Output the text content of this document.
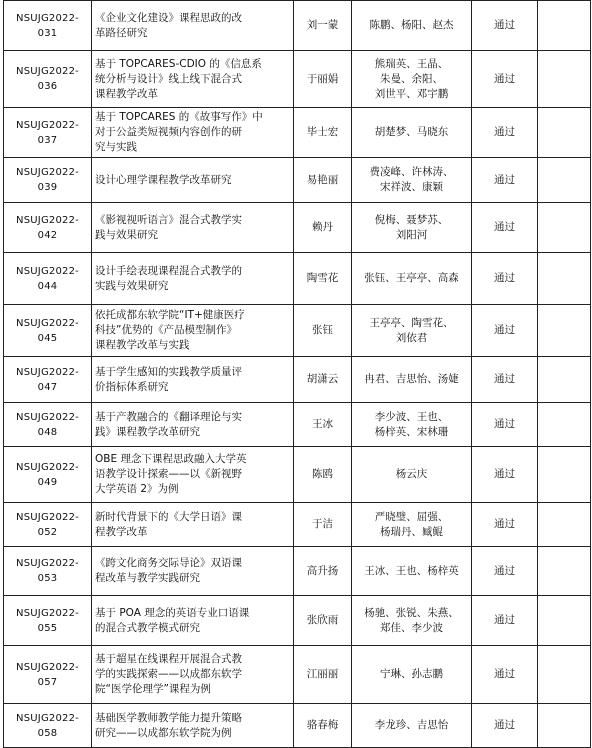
NSUJG2022-031	《企业文化建设》课程思政的改
革路径研究	刘一蒙	陈鹏、杨阳、赵杰	通过	

NSUJG2022-036	基于 TOPCARES-CDIO 的《信息系
统分析与设计》线上线下混合式
课程教学改革	于丽娟	熊瑞英、王晶、
朱曼、余阳、
刘世平、邓宇鹏	通过	

NSUJG2022-037	基于 TOPCARES 的《故事写作》中
对于公益类短视频内容创作的研
究与实践	毕士宏	胡楚梦、马晓东	通过	

NSUJG2022-039	设计心理学课程教学改革研究	易艳丽	费凌峰、许林涛、
宋祥波、康颖	通过	

NSUJG2022-042	《影视视听语言》混合式教学实
践与效果研究	赖丹	倪梅、聂梦苏、
刘阳河	通过	

NSUJG2022-044	设计手绘表现课程混合式教学的
实践与效果研究	陶雪花	张钰、王亭亭、高森	通过	

NSUJG2022-045	依托成都东软学院“IT+健康医疗
科技”优势的《产品模型制作》
课程教学改革与实践	张钰	王亭亭、陶雪花、
刘依君	通过	

NSUJG2022-047	基于学生感知的实践教学质量评
价指标体系研究	胡潇云	冉君、吉思怡、汤婕	通过	

NSUJG2022-048	基于产教融合的《翻译理论与实
践》课程教学改革研究	王冰	李少波、王也、
杨梓英、宋林珊	通过	

NSUJG2022-049	OBE 理念下课程思政融入大学英
语教学设计探索——以《新视野
大学英语 2》为例	陈鸥	杨云庆	通过	

NSUJG2022-052	新时代背景下的《大学日语》课
程教学改革	于洁	严晓璧、屈强、
杨瑞丹、臧鲲	通过	

NSUJG2022-053	《跨文化商务交际导论》双语课
程改革与教学实践研究	高升扬	王冰、王也、杨梓英	通过	

NSUJG2022-055	基于 POA 理念的英语专业口语课
的混合式教学模式研究	张欣雨	杨驰、张锐、朱燕、
郑佳、李少波	通过	

NSUJG2022-057	基于超星在线课程开展混合式教
学的实践探索——以成都东软学
院“医学伦理学”课程为例	江丽丽	宁琳、孙志鹏	通过	

NSUJG2022-058	基础医学教师教学能力提升策略
研究——以成都东软学院为例	骆春梅	李龙珍、吉思怡	通过	
